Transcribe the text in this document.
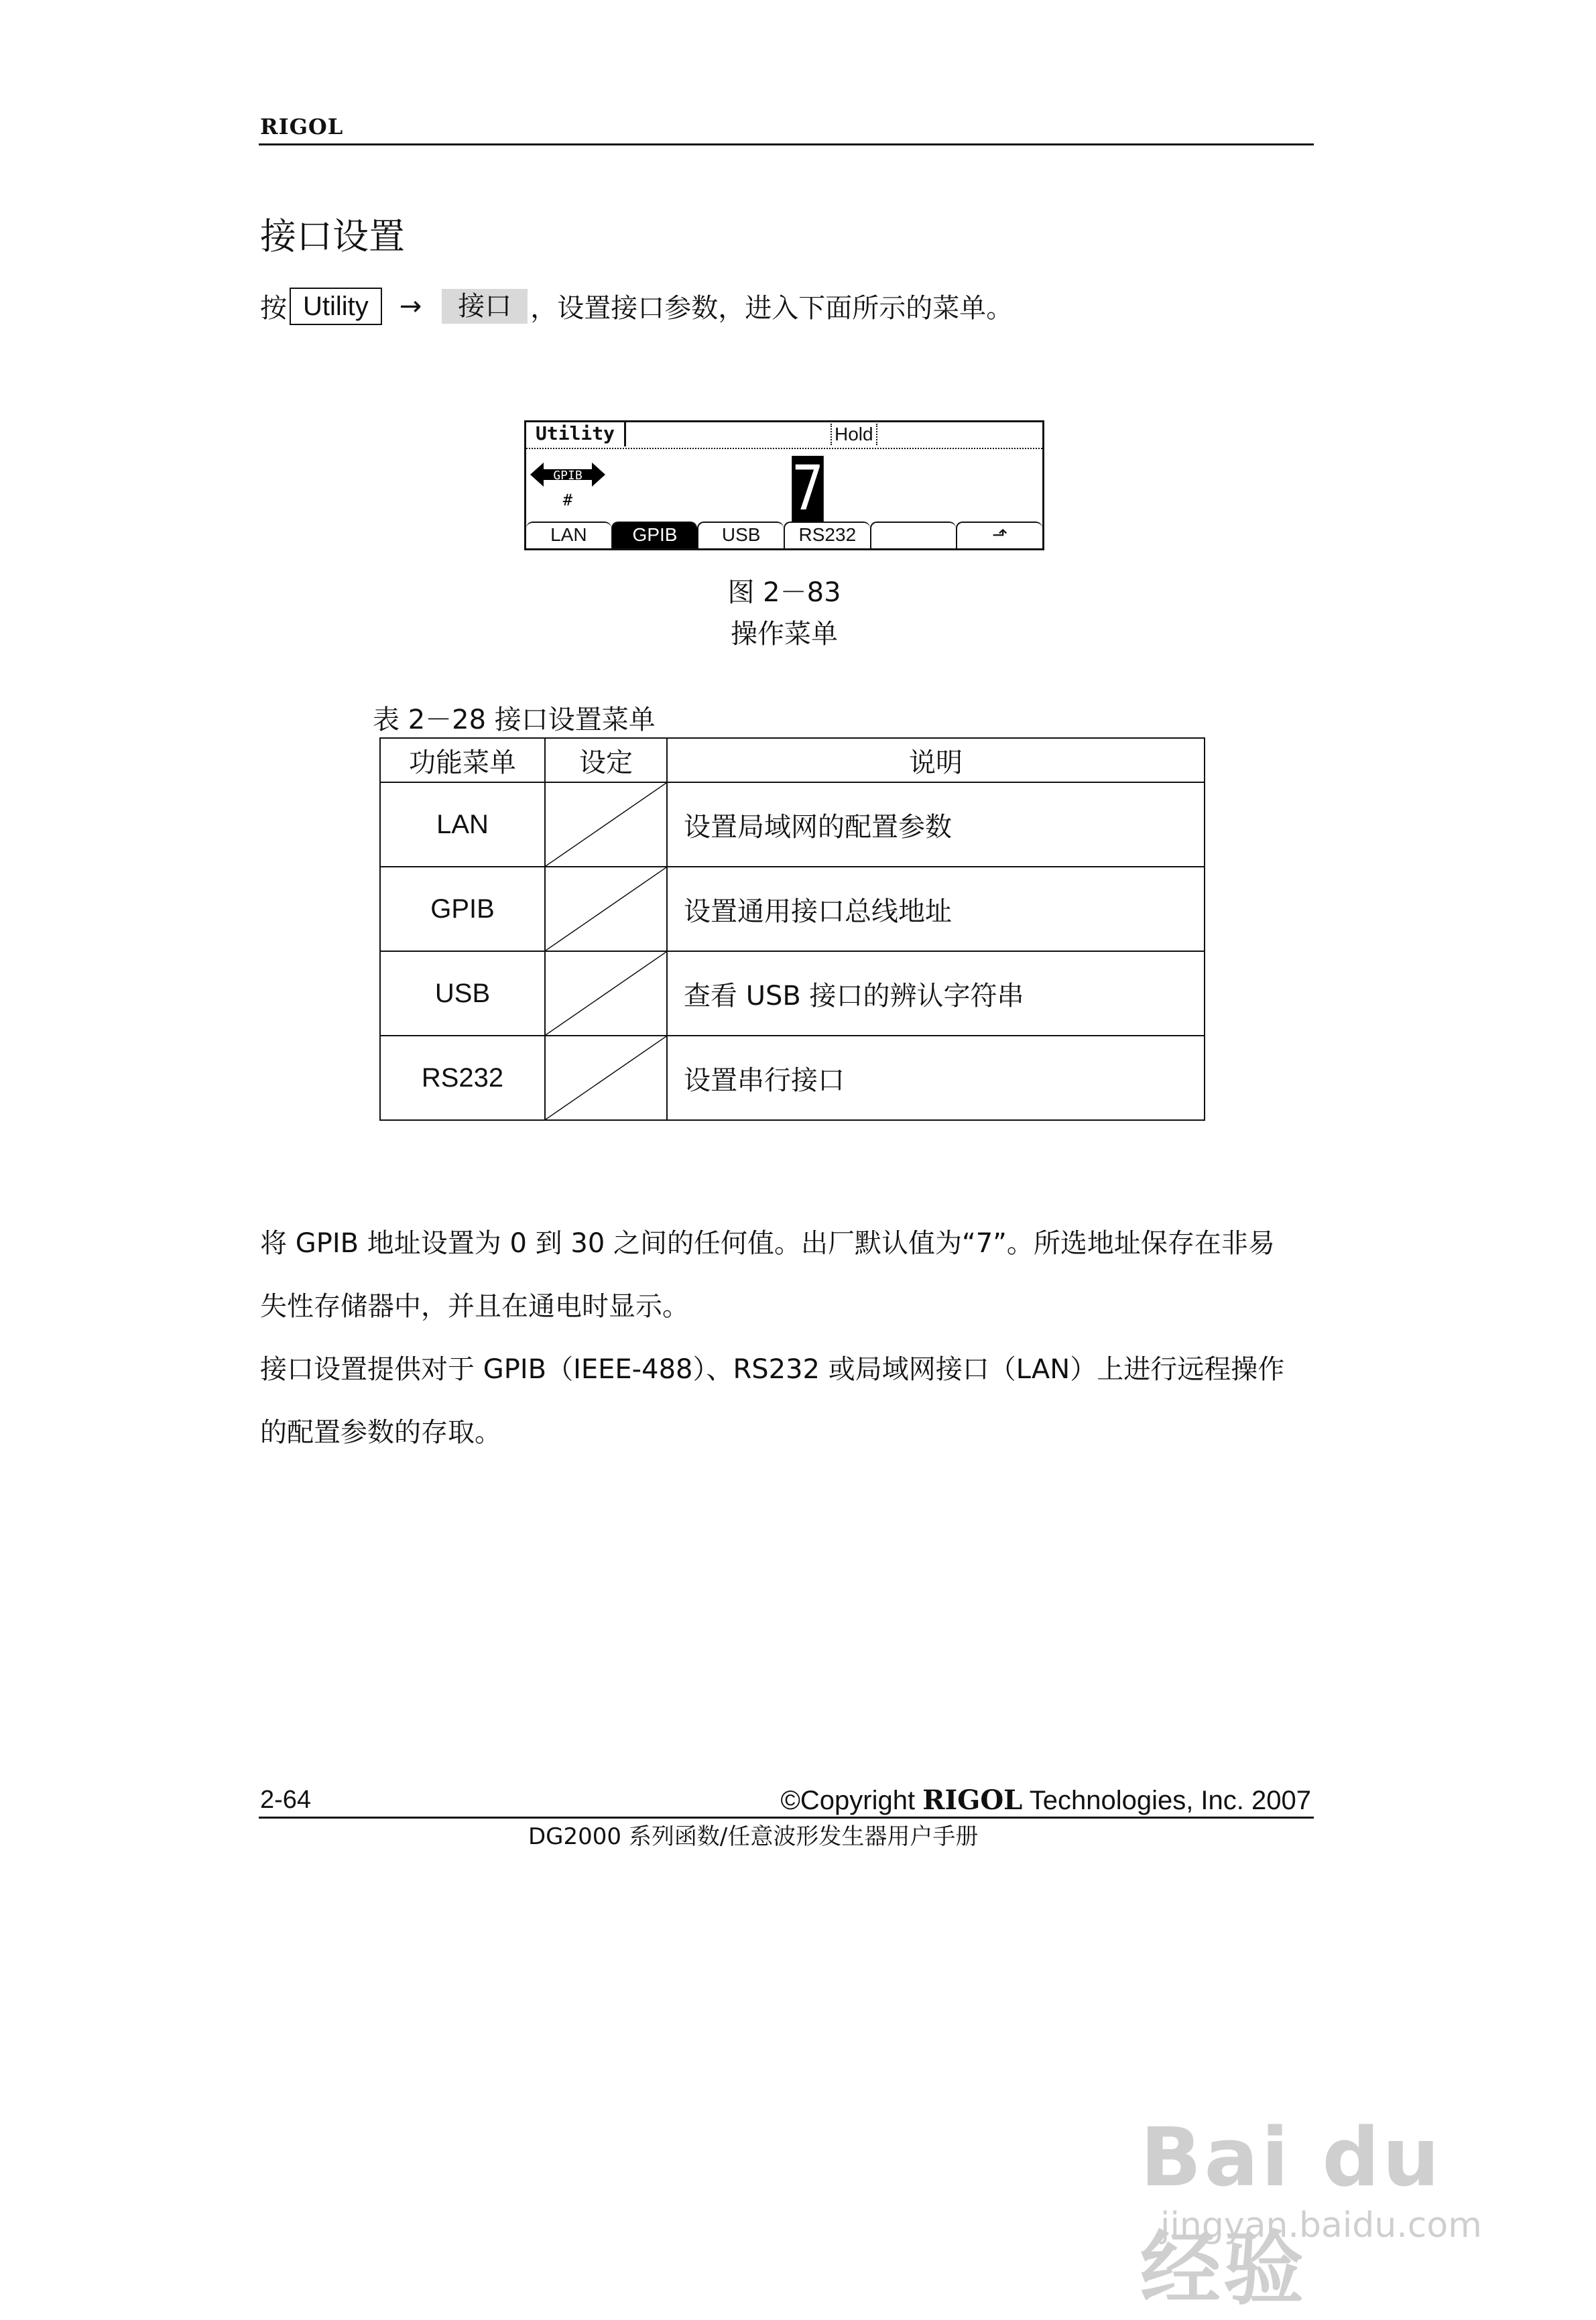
RIGOL
接口设置
按 Utility	→	接口 ，设置接口参数，进入下面所示的菜单。
Utility	Hold
GPIB
#	7
LAN	GPIB	USB	RS232	⬏
图 2－83
操作菜单
表 2－28 接口设置菜单
功能菜单	设定	说明
LAN		设置局域网的配置参数
GPIB		设置通用接口总线地址
USB		查看 USB 接口的辨认字符串
RS232		设置串行接口
将 GPIB 地址设置为 0 到 30 之间的任何值。出厂默认值为“7”。所选地址保存在非易
失性存储器中，并且在通电时显示。
接口设置提供对于 GPIB（IEEE-488）、RS232 或局域网接口（LAN）上进行远程操作
的配置参数的存取。
2-64	©Copyright RIGOL Technologies, Inc. 2007
DG2000 系列函数/任意波形发生器用户手册
Bai du 经验
jingyan.baidu.com
